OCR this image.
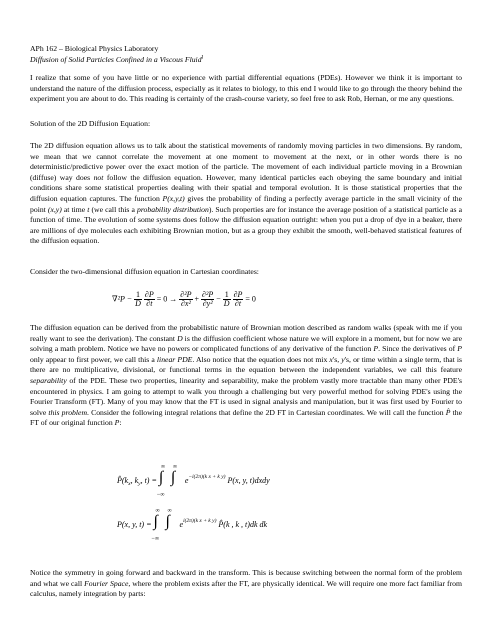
APh 162 – Biological Physics Laboratory
Diffusion of Solid Particles Confined in a Viscous Fluid$^I$

I realize that some of you have little or no experience with partial differential equations (PDEs). However we think it is important to understand the nature of the diffusion process, especially as it relates to biology, to this end I would like to go through the theory behind the experiment you are about to do. This reading is certainly of the crash-course variety, so feel free to ask Rob, Hernan, or me any questions.

Solution of the 2D Diffusion Equation:

The 2D diffusion equation allows us to talk about the statistical movements of randomly moving particles in two dimensions. By random, we mean that we cannot correlate the movement at one moment to movement at the next, or in other words there is no deterministic/predictive power over the exact motion of the particle. The movement of each individual particle moving in a Brownian (diffuse) way does not follow the diffusion equation. However, many identical particles each obeying the same boundary and initial conditions share some statistical properties dealing with their spatial and temporal evolution. It is those statistical properties that the diffusion equation captures. The function P(x,y,t) gives the probability of finding a perfectly average particle in the small vicinity of the point (x,y) at time t (we call this a probability distribution). Such properties are for instance the average position of a statistical particle as a function of time. The evolution of some systems does follow the diffusion equation outright: when you put a drop of dye in a beaker, there are millions of dye molecules each exhibiting Brownian motion, but as a group they exhibit the smooth, well-behaved statistical features of the diffusion equation.

Consider the two-dimensional diffusion equation in Cartesian coordinates:

$\nabla^2P - \frac{1}{D}$
$\frac{\partial P}{\partial t} = 0 \to \frac{\text{∂²P}}{\text{∂x²}} + \frac{\text{∂²P}}{\text{∂y²}} - \frac{1}{D}$
$\frac{\partial P}{\partial t} = 0$

The diffusion equation can be derived from the probabilistic nature of Brownian motion described as random walks (speak with me if you really want to see the derivation). The constant D is the diffusion coefficient whose nature we will explore in a moment, but for now we are solving a math problem. Notice we have no powers or complicated functions of any derivative of the function P. Since the derivatives of P only appear to first power, we call this a linear PDE. Also notice that the equation does not mix x's, y's, or time within a single term, that is there are no multiplicative, divisional, or functional terms in the equation between the independent variables, we call this feature separability of the PDE. These two properties, linearity and separability, make the problem vastly more tractable than many other PDE's encountered in physics. I am going to attempt to walk you through a challenging but very powerful method for solving PDE's using the Fourier Transform (FT). Many of you may know that the FT is used in signal analysis and manipulation, but it was first used by Fourier to solve this problem. Consider the following integral relations that define the 2D FT in Cartesian coordinates. We will call the function P̂ the FT of our original function P:

$P̂(k_x$, $k_y$, t) =
∞
∫
−∞
∞
∫ $e^{-i(2\pi)(k x + k y)}$ P(x, y, t)dxdy
P(x, y, t) =
∞
∫
−∞
∞
∫ $e^{i(2\pi)(k x + k y)}$ P̂(k , k , t)dk dk

Notice the symmetry in going forward and backward in the transform. This is because switching between the normal form of the problem and what we call Fourier Space, where the problem exists after the FT, are physically identical. We will require one more fact familiar from calculus, namely integration by parts:
